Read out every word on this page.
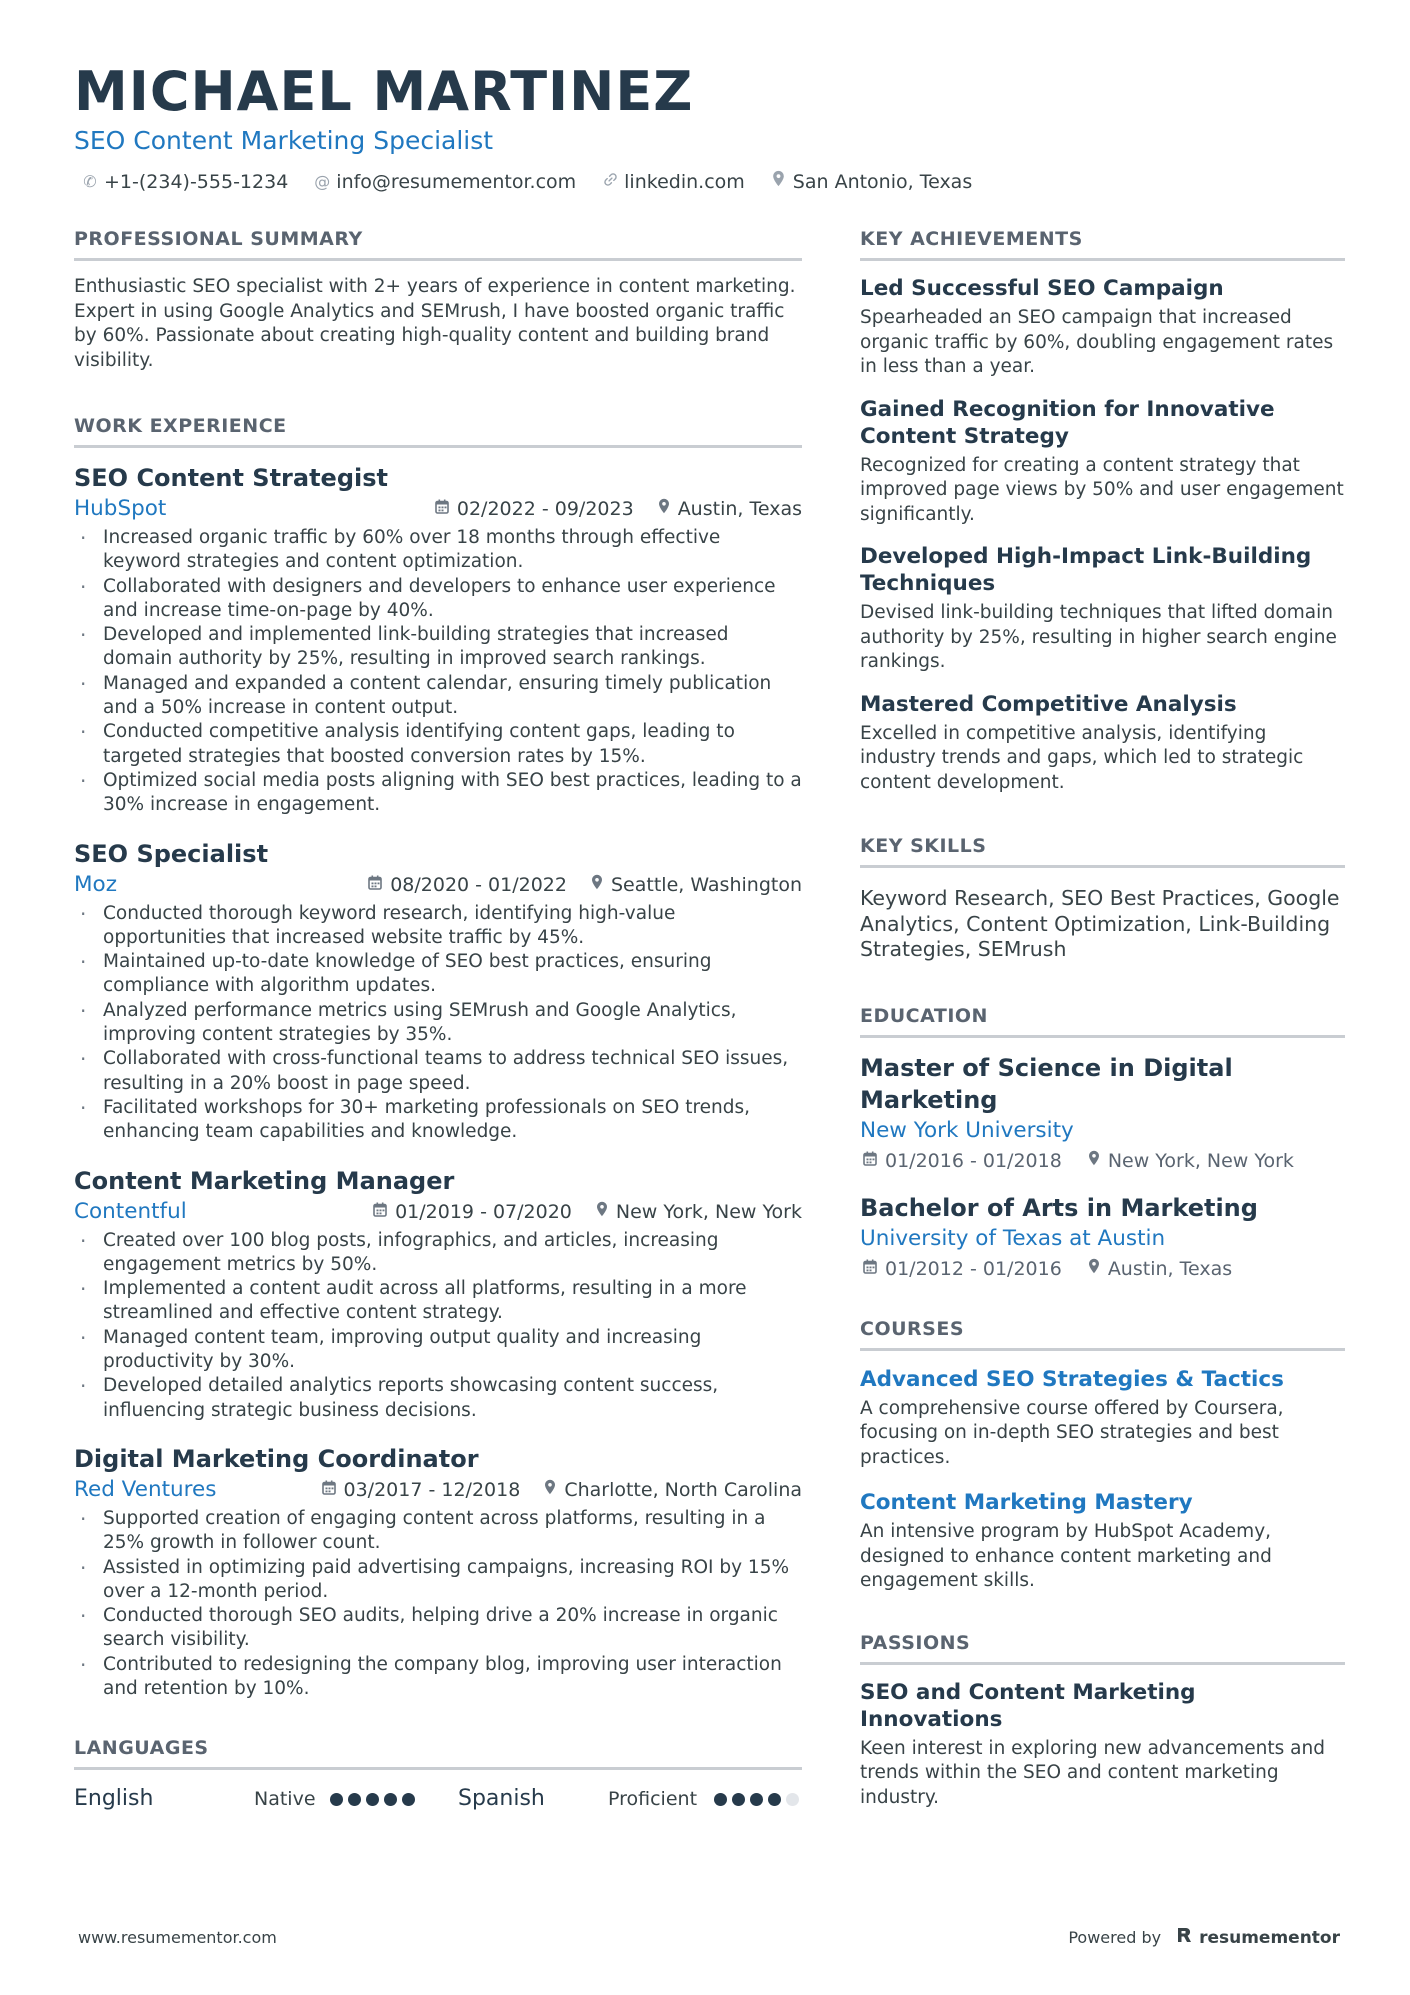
MICHAEL MARTINEZ
SEO Content Marketing Specialist
✆ +1-(234)-555-1234 @ info@resumementor.com	linkedin.com	San Antonio, Texas
PROFESSIONAL SUMMARY

Enthusiastic SEO specialist with 2+ years of experience in content marketing. Expert in using Google Analytics and SEMrush, I have boosted organic traffic by 60%. Passionate about creating high-quality content and building brand visibility.

WORK EXPERIENCE
SEO Content Strategist
HubSpot	02/2022 - 09/2023 Austin, Texas
· Increased organic traffic by 60% over 18 months through effective keyword strategies and content optimization.
· Collaborated with designers and developers to enhance user experience and increase time-on-page by 40%.
· Developed and implemented link-building strategies that increased domain authority by 25%, resulting in improved search rankings.
· Managed and expanded a content calendar, ensuring timely publication and a 50% increase in content output.
· Conducted competitive analysis identifying content gaps, leading to targeted strategies that boosted conversion rates by 15%.
· Optimized social media posts aligning with SEO best practices, leading to a 30% increase in engagement.
SEO Specialist
Moz	08/2020 - 01/2022 Seattle, Washington
· Conducted thorough keyword research, identifying high-value opportunities that increased website traffic by 45%.
· Maintained up-to-date knowledge of SEO best practices, ensuring compliance with algorithm updates.
· Analyzed performance metrics using SEMrush and Google Analytics, improving content strategies by 35%.
· Collaborated with cross-functional teams to address technical SEO issues, resulting in a 20% boost in page speed.
· Facilitated workshops for 30+ marketing professionals on SEO trends, enhancing team capabilities and knowledge.
Content Marketing Manager
Contentful	01/2019 - 07/2020 New York, New York
· Created over 100 blog posts, infographics, and articles, increasing engagement metrics by 50%.
· Implemented a content audit across all platforms, resulting in a more streamlined and effective content strategy.
· Managed content team, improving output quality and increasing productivity by 30%.
· Developed detailed analytics reports showcasing content success, influencing strategic business decisions.
Digital Marketing Coordinator
Red Ventures	03/2017 - 12/2018 Charlotte, North Carolina
· Supported creation of engaging content across platforms, resulting in a 25% growth in follower count.
· Assisted in optimizing paid advertising campaigns, increasing ROI by 15% over a 12-month period.
· Conducted thorough SEO audits, helping drive a 20% increase in organic search visibility.
· Contributed to redesigning the company blog, improving user interaction and retention by 10%.
LANGUAGES
English	Native	Spanish	Proficient
KEY ACHIEVEMENTS
Led Successful SEO Campaign

Spearheaded an SEO campaign that increased organic traffic by 60%, doubling engagement rates in less than a year.

Gained Recognition for Innovative Content Strategy

Recognized for creating a content strategy that improved page views by 50% and user engagement significantly.

Developed High-Impact Link-Building Techniques

Devised link-building techniques that lifted domain authority by 25%, resulting in higher search engine rankings.

Mastered Competitive Analysis

Excelled in competitive analysis, identifying industry trends and gaps, which led to strategic content development.

KEY SKILLS

Keyword Research, SEO Best Practices, Google Analytics, Content Optimization, Link-Building Strategies, SEMrush

EDUCATION
Master of Science in Digital Marketing
New York University
01/2016 - 01/2018 New York, New York
Bachelor of Arts in Marketing
University of Texas at Austin
01/2012 - 01/2016 Austin, Texas
COURSES
Advanced SEO Strategies & Tactics

A comprehensive course offered by Coursera, focusing on in-depth SEO strategies and best practices.

Content Marketing Mastery

An intensive program by HubSpot Academy, designed to enhance content marketing and engagement skills.

PASSIONS
SEO and Content Marketing Innovations

Keen interest in exploring new advancements and trends within the SEO and content marketing industry.

www.resumementor.com	Powered by resumementor
